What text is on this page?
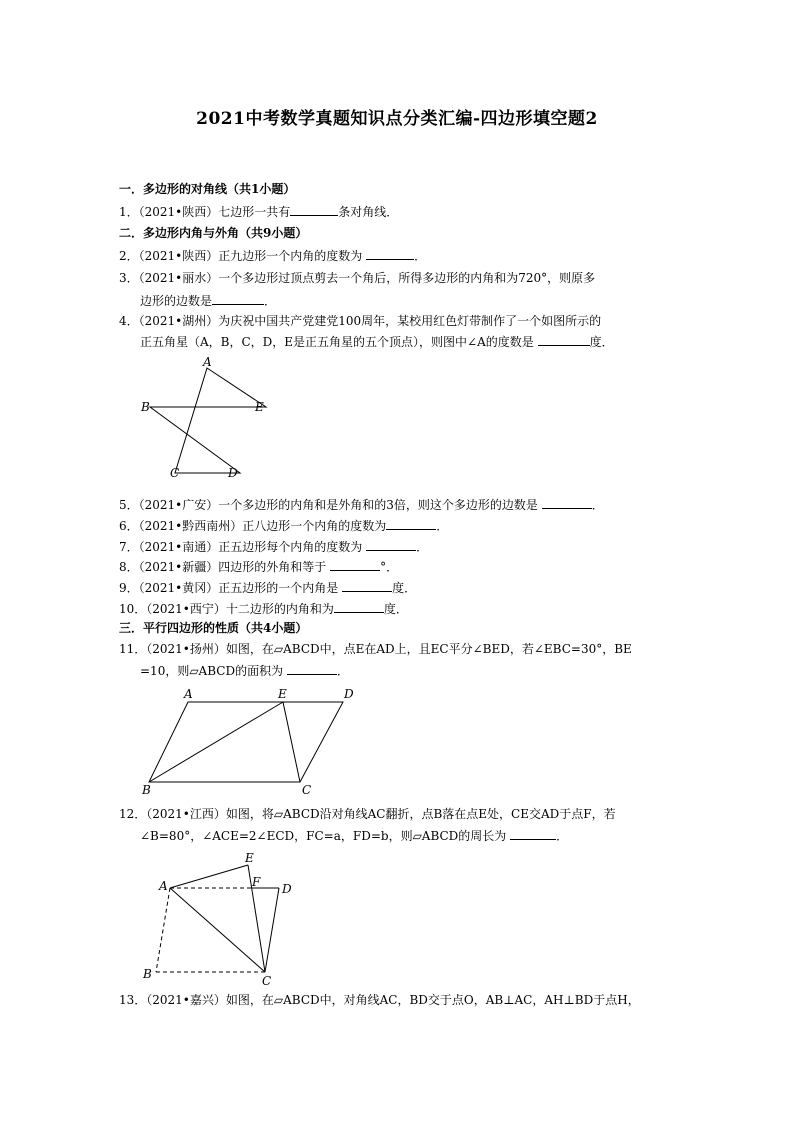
2021中考数学真题知识点分类汇编-四边形填空题2
一．多边形的对角线（共1小题）
1．（2021•陕西）七边形一共有	条对角线．
二．多边形内角与外角（共9小题）
2．（2021•陕西）正九边形一个内角的度数为	．
3．（2021•丽水）一个多边形过顶点剪去一个角后，所得多边形的内角和为720°，则原多
边形的边数是	．
4．（2021•湖州）为庆祝中国共产党建党100周年，某校用红色灯带制作了一个如图所示的
正五角星（A，B，C，D，E是正五角星的五个顶点），则图中∠A的度数是	度．
A
B
C	D
E
5．（2021•广安）一个多边形的内角和是外角和的3倍，则这个多边形的边数是	．
6．（2021•黔西南州）正八边形一个内角的度数为	．
7．（2021•南通）正五边形每个内角的度数为	．
8．（2021•新疆）四边形的外角和等于	°．
9．（2021•黄冈）正五边形的一个内角是	度．
10．（2021•西宁）十二边形的内角和为	度．
三．平行四边形的性质（共4小题）
11．（2021•扬州）如图，在▱ABCD中，点E在AD上，且EC平分∠BED，若∠EBC=30°，BE
=10，则▱ABCD的面积为	．
A	E	D
B	C
12．（2021•江西）如图，将▱ABCD沿对角线AC翻折，点B落在点E处，CE交AD于点F，若
∠B=80°，∠ACE=2∠ECD，FC=a，FD=b，则▱ABCD的周长为	．
A
E
F D
B	C
13．（2021•嘉兴）如图，在▱ABCD中，对角线AC，BD交于点O，AB⊥AC，AH⊥BD于点H，
